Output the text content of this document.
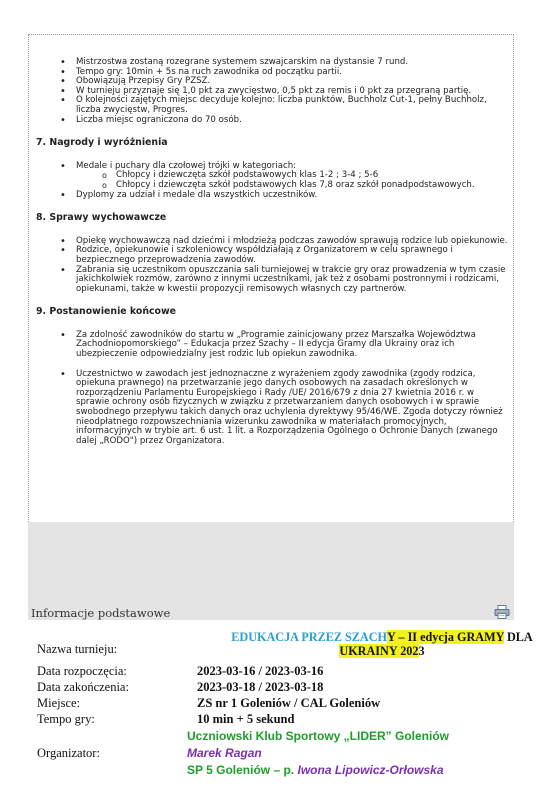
• Mistrzostwa zostaną rozegrane systemem szwajcarskim na dystansie 7 rund.
• Tempo gry: 10min + 5s na ruch zawodnika od początku partii.
• Obowiązują Przepisy Gry PZSZ.
• W turnieju przyznaje się 1,0 pkt za zwycięstwo, 0,5 pkt za remis i 0 pkt za przegraną partię.
• O kolejności zajętych miejsc decyduje kolejno: liczba punktów, Buchholz Cut-1, pełny Buchholz, liczba zwycięstw, Progres.
• Liczba miejsc ograniczona do 70 osób.
7. Nagrody i wyróżnienia
• Medale i puchary dla czołowej trójki w kategoriach:
o Chłopcy i dziewczęta szkół podstawowych klas 1-2 ; 3-4 ; 5-6
o Chłopcy i dziewczęta szkół podstawowych klas 7,8 oraz szkół ponadpodstawowych.
• Dyplomy za udział i medale dla wszystkich uczestników.
8. Sprawy wychowawcze
• Opiekę wychowawczą nad dziećmi i młodzieżą podczas zawodów sprawują rodzice lub opiekunowie.
• Rodzice, opiekunowie i szkoleniowcy współdziałają z Organizatorem w celu sprawnego i bezpiecznego przeprowadzenia zawodów.
• Zabrania się uczestnikom opuszczania sali turniejowej w trakcie gry oraz prowadzenia w tym czasie jakichkolwiek rozmów, zarówno z innymi uczestnikami, jak też z osobami postronnymi i rodzicami, opiekunami, także w kwestii propozycji remisowych własnych czy partnerów.
9. Postanowienie końcowe
• Za zdolność zawodników do startu w „Programie zainicjowany przez Marszałka Województwa Zachodniopomorskiego” – Edukacja przez Szachy – II edycja Gramy dla Ukrainy oraz ich ubezpieczenie odpowiedzialny jest rodzic lub opiekun zawodnika.
• Uczestnictwo w zawodach jest jednoznaczne z wyrażeniem zgody zawodnika (zgody rodzica, opiekuna prawnego) na przetwarzanie jego danych osobowych na zasadach określonych w rozporządzeniu Parlamentu Europejskiego i Rady /UE/ 2016/679 z dnia 27 kwietnia 2016 r. w sprawie ochrony osób fizycznych w związku z przetwarzaniem danych osobowych i w sprawie swobodnego przepływu takich danych oraz uchylenia dyrektywy 95/46/WE. Zgoda dotyczy również nieodpłatnego rozpowszechniania wizerunku zawodnika w materiałach promocyjnych, informacyjnych w trybie art. 6 ust. 1 lit. a Rozporządzenia Ogólnego o Ochronie Danych (zwanego dalej „RODO") przez Organizatora.
Informacje podstawowe
Nazwa turnieju:
EDUKACJA PRZEZ SZACHY – II edycja GRAMY DLA
UKRAINY 2023
Data rozpoczęcia:	2023-03-16 / 2023-03-16
Data zakończenia:	2023-03-18 / 2023-03-18
Miejsce:	ZS nr 1 Goleniów / CAL Goleniów
Tempo gry:	10 min + 5 sekund
Organizator:
Uczniowski Klub Sportowy „LIDER” Goleniów
Marek Ragan
SP 5 Goleniów – p. Iwona Lipowicz-Orłowska
